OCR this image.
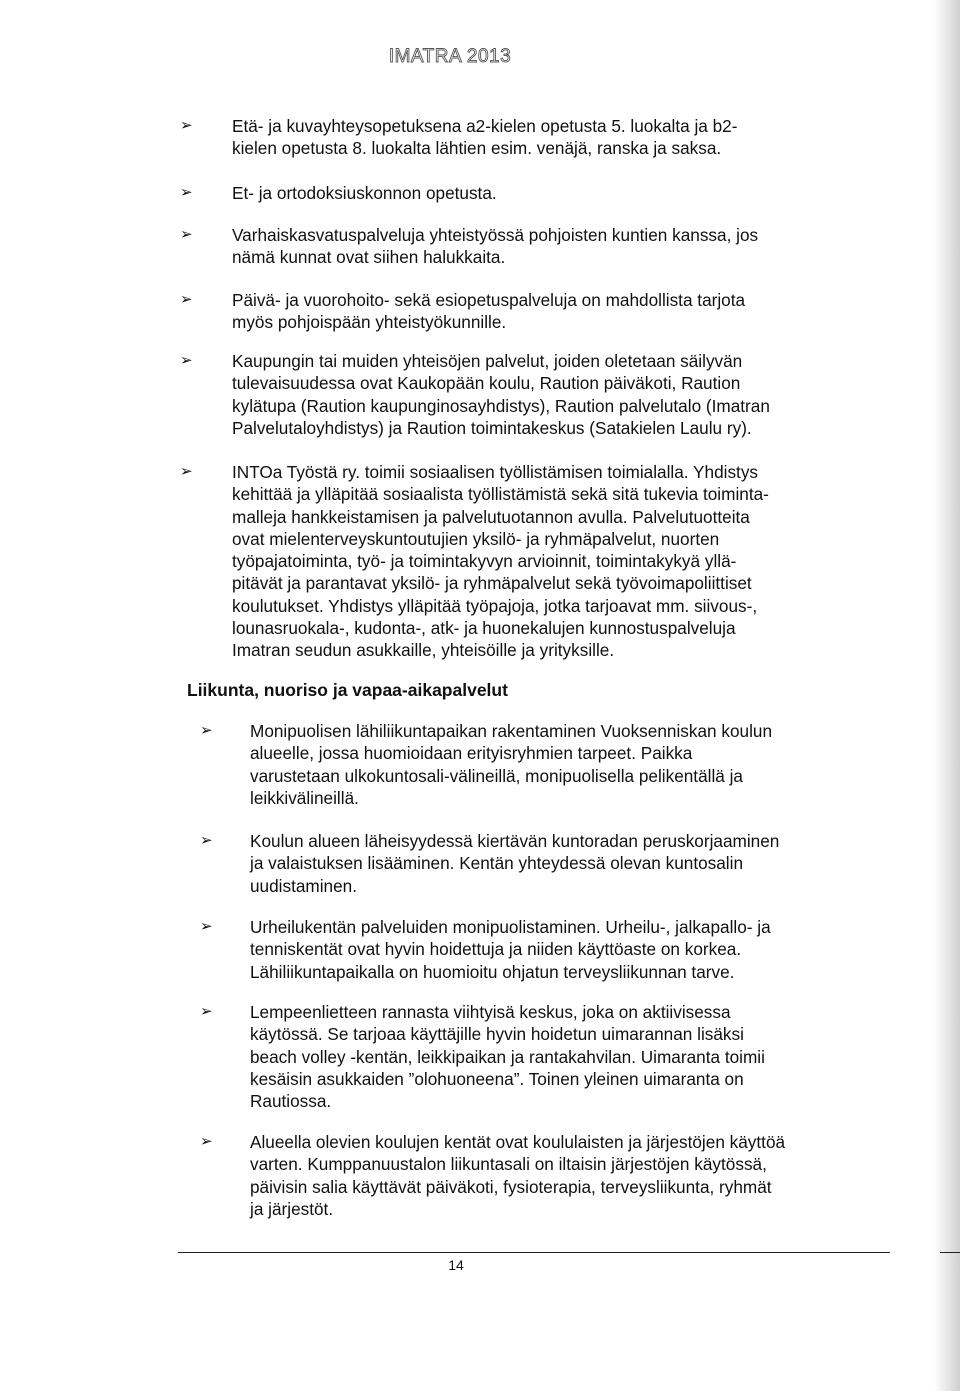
IMATRA 2013
➢	Etä- ja kuvayhteysopetuksena a2-kielen opetusta 5. luokalta ja b2-
kielen opetusta 8. luokalta lähtien esim. venäjä, ranska ja saksa.
➢	Et- ja ortodoksiuskonnon opetusta.
➢	Varhaiskasvatuspalveluja yhteistyössä pohjoisten kuntien kanssa, jos
nämä kunnat ovat siihen halukkaita.
➢	Päivä- ja vuorohoito- sekä esiopetuspalveluja on mahdollista tarjota
myös pohjoispään yhteistyökunnille.
➢	Kaupungin tai muiden yhteisöjen palvelut, joiden oletetaan säilyvän
tulevaisuudessa ovat Kaukopään koulu, Raution päiväkoti, Raution
kylätupa (Raution kaupunginosayhdistys), Raution palvelutalo (Imatran
Palvelutaloyhdistys) ja Raution toimintakeskus (Satakielen Laulu ry).
➢	INTOa Työstä ry. toimii sosiaalisen työllistämisen toimialalla. Yhdistys
kehittää ja ylläpitää sosiaalista työllistämistä sekä sitä tukevia toiminta-
malleja hankkeistamisen ja palvelutuotannon avulla. Palvelutuotteita
ovat mielenterveyskuntoutujien yksilö- ja ryhmäpalvelut, nuorten
työpajatoiminta, työ- ja toimintakyvyn arvioinnit, toimintakykyä yllä-
pitävät ja parantavat yksilö- ja ryhmäpalvelut sekä työvoimapoliittiset
koulutukset. Yhdistys ylläpitää työpajoja, jotka tarjoavat mm. siivous-,
lounasruokala-, kudonta-, atk- ja huonekalujen kunnostuspalveluja
Imatran seudun asukkaille, yhteisöille ja yrityksille.
Liikunta, nuoriso ja vapaa-aikapalvelut
➢	Monipuolisen lähiliikuntapaikan rakentaminen Vuoksenniskan koulun
alueelle, jossa huomioidaan erityisryhmien tarpeet. Paikka
varustetaan ulkokuntosali-välineillä, monipuolisella pelikentällä ja
leikkivälineillä.
➢	Koulun alueen läheisyydessä kiertävän kuntoradan peruskorjaaminen
ja valaistuksen lisääminen. Kentän yhteydessä olevan kuntosalin
uudistaminen.
➢	Urheilukentän palveluiden monipuolistaminen. Urheilu-, jalkapallo- ja
tenniskentät ovat hyvin hoidettuja ja niiden käyttöaste on korkea.
Lähiliikuntapaikalla on huomioitu ohjatun terveysliikunnan tarve.
➢	Lempeenlietteen rannasta viihtyisä keskus, joka on aktiivisessa
käytössä. Se tarjoaa käyttäjille hyvin hoidetun uimarannan lisäksi
beach volley -kentän, leikkipaikan ja rantakahvilan. Uimaranta toimii
kesäisin asukkaiden ”olohuoneena”. Toinen yleinen uimaranta on
Rautiossa.
➢	Alueella olevien koulujen kentät ovat koululaisten ja järjestöjen käyttöä
varten. Kumppanuustalon liikuntasali on iltaisin järjestöjen käytössä,
päivisin salia käyttävät päiväkoti, fysioterapia, terveysliikunta, ryhmät
ja järjestöt.
14
